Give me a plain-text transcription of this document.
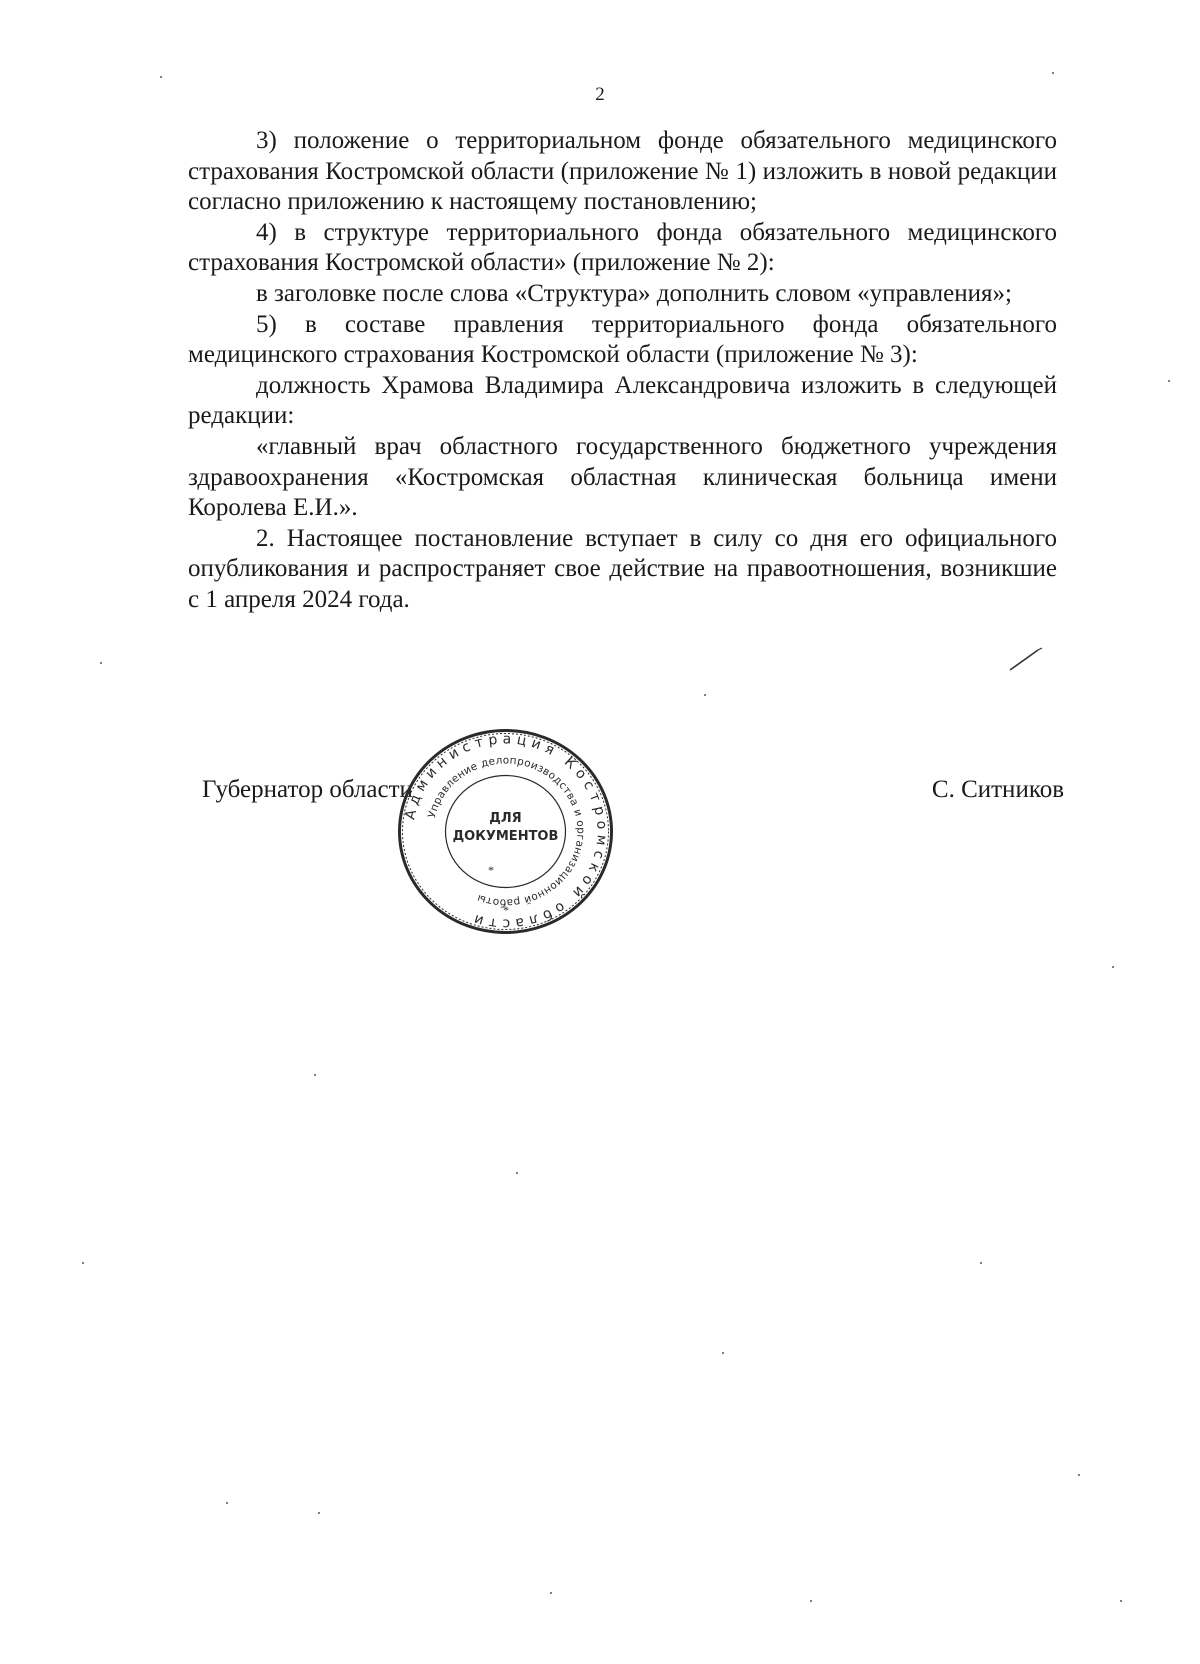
2

3) положение о территориальном фонде обязательного медицинского страхования Костромской области (приложение № 1) изложить в новой редакции согласно приложению к настоящему постановлению;

4) в структуре территориального фонда обязательного медицинского страхования Костромской области» (приложение № 2):

в заголовке после слова «Структура» дополнить словом «управления»;

5) в составе правления территориального фонда обязательного медицинского страхования Костромской области (приложение № 3):

должность Храмова Владимира Александровича изложить в следующей редакции:

«главный врач областного государственного бюджетного учреждения здравоохранения «Костромская областная клиническая больница имени Королева Е.И.».

2. Настоящее постановление вступает в силу со дня его официального опубликования и распространяет свое действие на правоотношения, возникшие с 1 апреля 2024 года.

Губернатор области	С. Ситников
Администрация Костромской области
Управление делопроизводства и организационной работы
ДЛЯ
ДОКУМЕНТОВ
*
*
